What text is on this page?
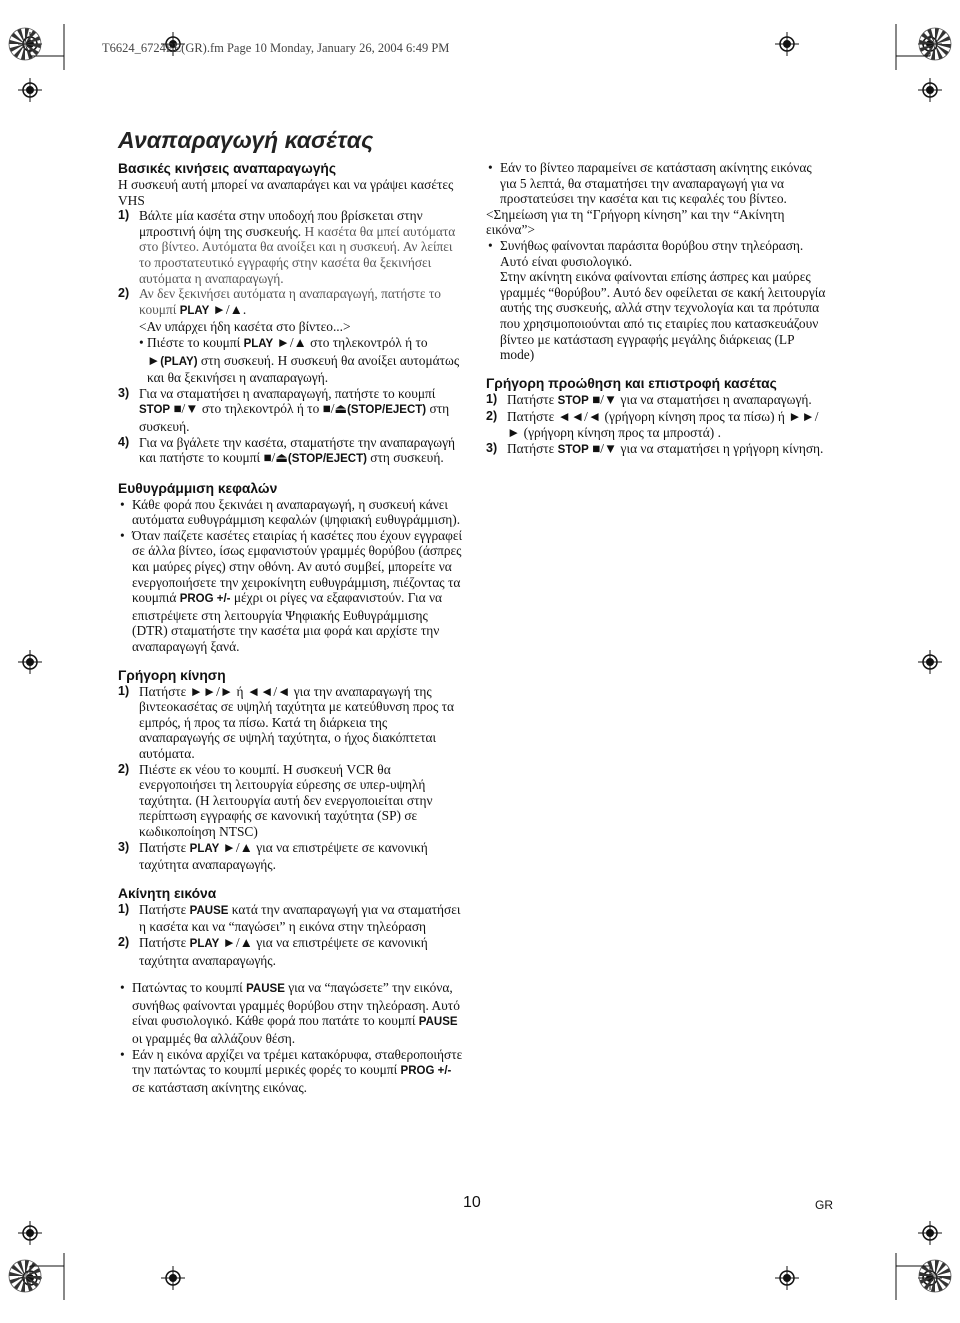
T6624_6724EE(GR).fm Page 10 Monday, January 26, 2004 6:49 PM
Αναπαραγωγή κασέτας

Βασικές κινήσεις αναπαραγωγής

Η συσκευή αυτή μπορεί να αναπαράγει και να γράψει κασέτες VHS

1) Βάλτε μία κασέτα στην υποδοχή που βρίσκεται στην μπροστινή όψη της συσκευής. Η κασέτα θα μπεί αυτόματα στο βίντεο. Αυτόματα θα ανοίξει και η συσκευή. Αν λείπει το προστατευτικό εγγραφής στην κασέτα θα ξεκινήσει αυτόματα η αναπαραγωγή.
2) Αν δεν ξεκινήσει αυτόματα η αναπαραγωγή, πατήστε το κουμπί PLAY ►/▲.

<Αν υπάρχει ήδη κασέτα στο βίντεο...>

• Πιέστε το κουμπί PLAY ►/▲ στο τηλεκοντρόλ ή το ►(PLAY) στη συσκευή. Η συσκευή θα ανοίξει αυτομάτως και θα ξεκινήσει η αναπαραγωγή.
3) Για να σταματήσει η αναπαραγωγή, πατήστε το κουμπί STOP ■/▼ στο τηλεκοντρόλ ή το ■/⏏(STOP/EJECT) στη συσκευή.
4) Για να βγάλετε την κασέτα, σταματήστε την αναπαραγωγή και πατήστε το κουμπί ■/⏏(STOP/EJECT) στη συσκευή.

Ευθυγράμμιση κεφαλών

• Κάθε φορά που ξεκινάει η αναπαραγωγή, η συσκευή κάνει αυτόματα ευθυγράμμιση κεφαλών (ψηφιακή ευθυγράμμιση).

• Όταν παίζετε κασέτες εταιρίας ή κασέτες που έχουν εγγραφεί σε άλλα βίντεο, ίσως εμφανιστούν γραμμές θορύβου (άσπρες και μαύρες ρίγες) στην οθόνη. Αν αυτό συμβεί, μπορείτε να ενεργοποιήσετε την χειροκίνητη ευθυγράμμιση, πιέζοντας τα κουμπιά PROG +/- μέχρι οι ρίγες να εξαφανιστούν. Για να επιστρέψετε στη λειτουργία Ψηφιακής Ευθυγράμμισης (DTR) σταματήστε την κασέτα μια φορά και αρχίστε την αναπαραγωγή ξανά.

Γρήγορη κίνηση

1) Πατήστε ►►/► ή ◄◄/◄ για την αναπαραγωγή της βιντεοκασέτας σε υψηλή ταχύτητα με κατεύθυνση προς τα εμπρός, ή προς τα πίσω. Κατά τη διάρκεια της αναπαραγωγής σε υψηλή ταχύτητα, ο ήχος διακόπτεται αυτόματα.
2) Πιέστε εκ νέου το κουμπί. Η συσκευή VCR θα ενεργοποιήσει τη λειτουργία εύρεσης σε υπερ-υψηλή ταχύτητα. (Η λειτουργία αυτή δεν ενεργοποιείται στην περίπτωση εγγραφής σε κανονική ταχύτητα (SP) σε κωδικοποίηση NTSC)
3) Πατήστε PLAY ►/▲ για να επιστρέψετε σε κανονική ταχύτητα αναπαραγωγής.

Ακίνητη εικόνα

1) Πατήστε PAUSE κατά την αναπαραγωγή για να σταματήσει η κασέτα και να “παγώσει” η εικόνα στην τηλεόραση
2) Πατήστε PLAY ►/▲ για να επιστρέψετε σε κανονική ταχύτητα αναπαραγωγής.
• Πατώντας το κουμπί PAUSE για να “παγώσετε” την εικόνα, συνήθως φαίνονται γραμμές θορύβου στην τηλεόραση. Αυτό είναι φυσιολογικό. Κάθε φορά που πατάτε το κουμπί PAUSE οι γραμμές θα αλλάζουν θέση.
• Εάν η εικόνα αρχίζει να τρέμει κατακόρυφα, σταθεροποιήστε την πατώντας το κουμπί μερικές φορές το κουμπί PROG +/- σε κατάσταση ακίνητης εικόνας.

• Εάν το βίντεο παραμείνει σε κατάσταση ακίνητης εικόνας για 5 λεπτά, θα σταματήσει την αναπαραγωγή για να προστατεύσει την κασέτα και τις κεφαλές του βίντεο.

<Σημείωση για τη “Γρήγορη κίνηση” και την “Ακίνητη εικόνα”>

• Συνήθως φαίνονται παράσιτα θορύβου στην τηλεόραση.

Αυτό είναι φυσιολογικό.

Στην ακίνητη εικόνα φαίνονται επίσης άσπρες και μαύρες γραμμές “θορύβου”. Αυτό δεν οφείλεται σε κακή λειτουργία αυτής της συσκευής, αλλά στην τεχνολογία και τα πρότυπα που χρησιμοποιούνται από τις εταιρίες που κατασκευάζουν βίντεο με κατάσταση εγγραφής μεγάλης διάρκειας (LP mode)

Γρήγορη προώθηση και επιστροφή κασέτας

1) Πατήστε STOP ■/▼ για να σταματήσει η αναπαραγωγή.
2) Πατήστε ◄◄/◄ (γρήγορη κίνηση προς τα πίσω) ή ►►/► (γρήγορη κίνηση προς τα μπροστά) .
3) Πατήστε STOP ■/▼ για να σταματήσει η γρήγορη κίνηση.
10	GR
